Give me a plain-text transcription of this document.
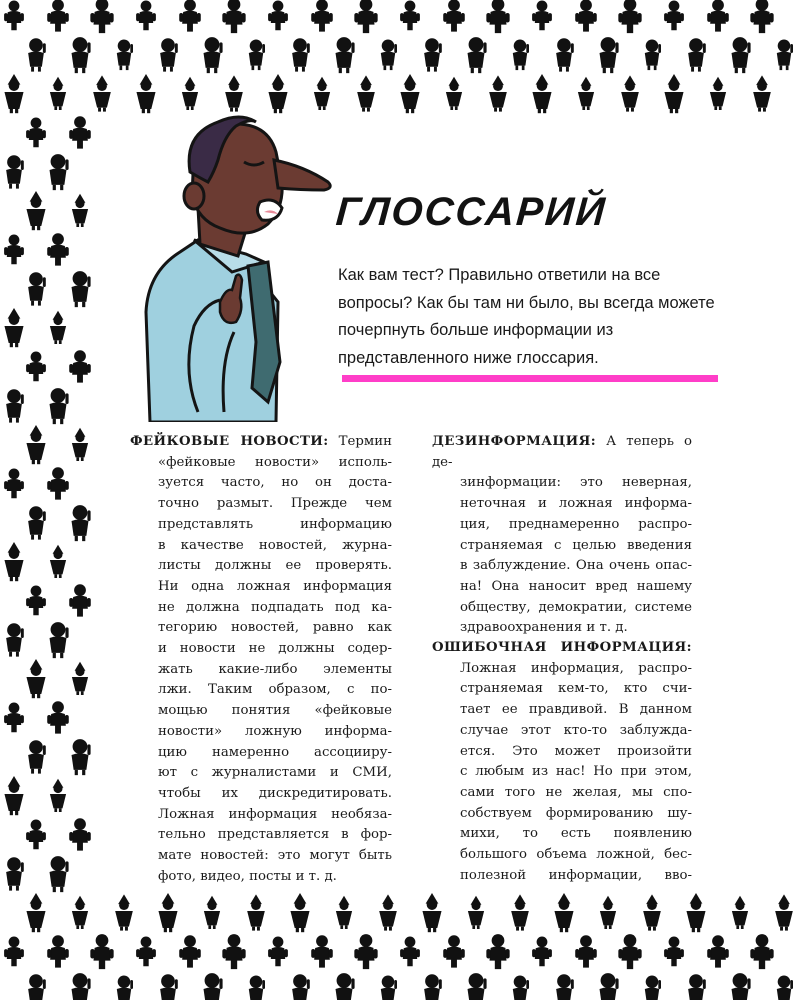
ГЛОССАРИЙ

Как вам тест? Правильно ответили на все вопросы? Как бы там ни было, вы всегда можете почерпнуть больше информации из представленного ниже глоссария.

ФЕЙКОВЫЕ НОВОСТИ: Термин
«фейковые новости» исполь-
зуется часто, но он доста-
точно размыт. Прежде чем
представлять информацию
в качестве новостей, журна-
листы должны ее проверять.
Ни одна ложная информация
не должна подпадать под ка-
тегорию новостей, равно как
и новости не должны содер-
жать какие-либо элементы
лжи. Таким образом, с по-
мощью понятия «фейковые
новости» ложную информа-
цию намеренно ассоцииру-
ют с журналистами и СМИ,
чтобы их дискредитировать.
Ложная информация необяза-
тельно представляется в фор-
мате новостей: это могут быть
фото, видео, посты и т. д.
ДЕЗИНФОРМАЦИЯ: А теперь о де-
зинформации: это неверная,
неточная и ложная информа-
ция, преднамеренно распро-
страняемая с целью введения
в заблуждение. Она очень опас-
на! Она наносит вред нашему
обществу, демократии, системе
здравоохранения и т. д.
ОШИБОЧНАЯ ИНФОРМАЦИЯ:
Ложная информация, распро-
страняемая кем-то, кто счи-
тает ее правдивой. В данном
случае этот кто-то заблужда-
ется. Это может произойти
с любым из нас! Но при этом,
сами того не желая, мы спо-
собствуем формированию шу-
михи, то есть появлению
большого объема ложной, бес-
полезной информации, вво-
